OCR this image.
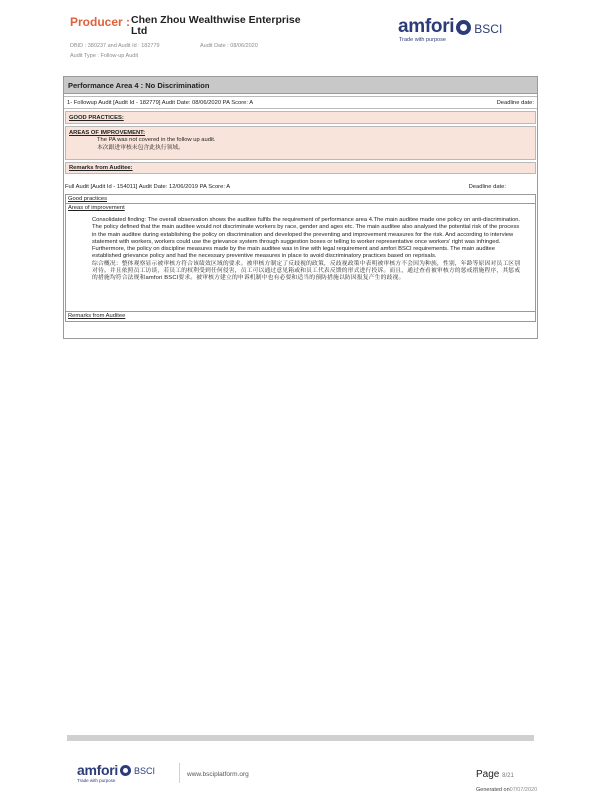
Producer : Chen Zhou Wealthwise Enterprise Ltd
DBID : 380237 and Audit Id : 182779	Audit Date : 08/06/2020
Audit Type : Follow-up Audit
amfori BSCI
Trade with purpose
Performance Area 4 : No Discrimination
1- Followup Audit [Audit Id - 182779] Audit Date: 08/06/2020 PA Score: A	Deadline date:
GOOD PRACTICES:
AREAS OF IMPROVEMENT:
The PA was not covered in the follow up audit.
本次跟进审核未包含此执行领域。
Remarks from Auditee:
Full Audit [Audit Id - 154011] Audit Date: 12/06/2019 PA Score: A	Deadline date:
Good practices
Areas of improvement
Consolidated finding: The overall observation shows the auditee fulfils the requirement of performance area 4.The main auditee made one policy on anti-discrimination. The policy defined that the main auditee would not discriminate workers by race, gender and ages etc. The main auditee also analysed the potential risk of the process in the main auditee during establishing the policy on discrimination and developed the preventing and improvement measures for the risk. And according to interview statement with workers, workers could use the grievance system through suggestion boxes or telling to worker representative once workers' right was infringed. Furthermore, the policy on discipline measures made by the main auditee was in line with legal requirement and amfori BSCI requirements. The main auditee established grievance policy and had the necessary preventive measures in place to avoid discriminatory practices based on reprisals.
综合概况：整体观察显示被审核方符合该绩效区域的要求。被审核方制定了反歧视的政策，反歧视政策中表明被审核方不会因为种族，性别，年龄等原因对员工区别对待。并且依照员工访谈，若员工的权利受到任何侵害，员工可以通过意见箱或和员工代表反馈的形式进行投诉。而且，通过查看被审核方的惩戒措施程序，其惩戒的措施均符合法规和amfori BSCI要求。被审核方建立的申诉机制中也有必要和适当的预防措施以防因报复产生的歧视。
Remarks from Auditee
amfori BSCI
Trade with purpose
www.bsciplatform.org	Page 8/21
Generated on07/07/2020
